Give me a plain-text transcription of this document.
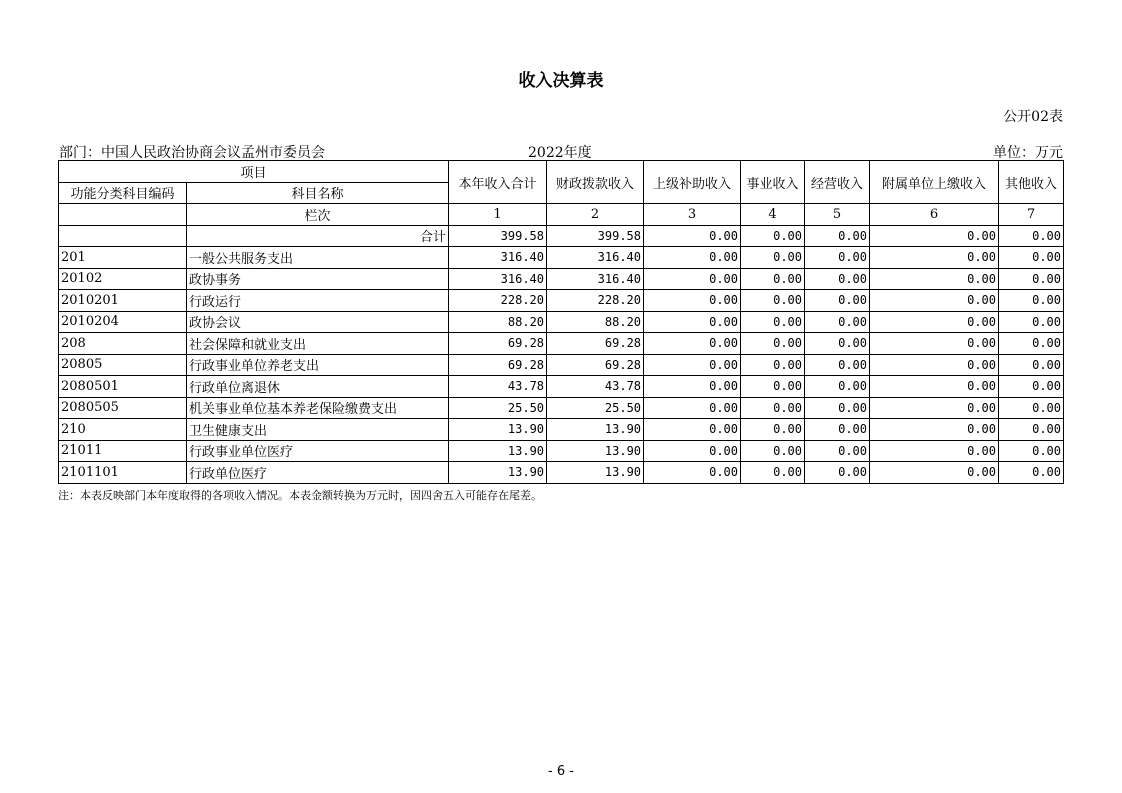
收入决算表
公开02表
部门：中国人民政治协商会议孟州市委员会	2022年度	单位：万元
项目		本年收入合计	财政拨款收入	上级补助收入	事业收入	经营收入	附属单位上缴收入	其他收入
功能分类科目编码	科目名称							
	栏次	1	2	3	4	5	6	7
	合计	399.58	399.58	0.00	0.00	0.00	0.00	0.00
201	一般公共服务支出	316.40	316.40	0.00	0.00	0.00	0.00	0.00
20102	政协事务	316.40	316.40	0.00	0.00	0.00	0.00	0.00
2010201	行政运行	228.20	228.20	0.00	0.00	0.00	0.00	0.00
2010204	政协会议	88.20	88.20	0.00	0.00	0.00	0.00	0.00
208	社会保障和就业支出	69.28	69.28	0.00	0.00	0.00	0.00	0.00
20805	行政事业单位养老支出	69.28	69.28	0.00	0.00	0.00	0.00	0.00
2080501	行政单位离退休	43.78	43.78	0.00	0.00	0.00	0.00	0.00
2080505	机关事业单位基本养老保险缴费支出	25.50	25.50	0.00	0.00	0.00	0.00	0.00
210	卫生健康支出	13.90	13.90	0.00	0.00	0.00	0.00	0.00
21011	行政事业单位医疗	13.90	13.90	0.00	0.00	0.00	0.00	0.00
2101101	行政单位医疗	13.90	13.90	0.00	0.00	0.00	0.00	0.00
注：本表反映部门本年度取得的各项收入情况。本表金额转换为万元时，因四舍五入可能存在尾差。
- 6 -
